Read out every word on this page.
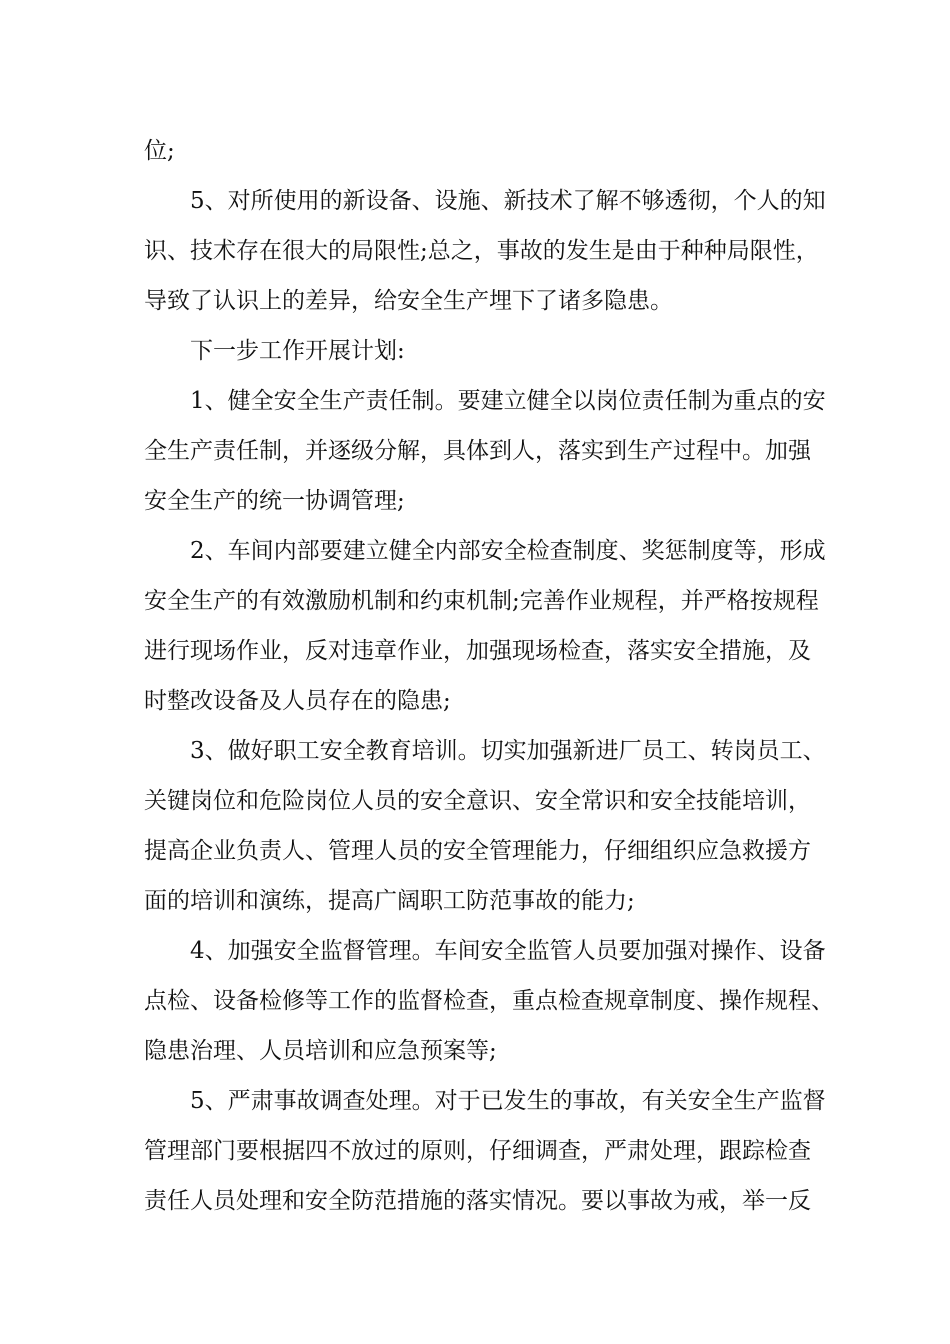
位;
5、对所使用的新设备、设施、新技术了解不够透彻，个人的知
识、技术存在很大的局限性;总之，事故的发生是由于种种局限性，
导致了认识上的差异，给安全生产埋下了诸多隐患。
下一步工作开展计划:
1、健全安全生产责任制。要建立健全以岗位责任制为重点的安
全生产责任制，并逐级分解，具体到人，落实到生产过程中。加强
安全生产的统一协调管理;
2、车间内部要建立健全内部安全检查制度、奖惩制度等，形成
安全生产的有效激励机制和约束机制;完善作业规程，并严格按规程
进行现场作业，反对违章作业，加强现场检查，落实安全措施，及
时整改设备及人员存在的隐患;
3、做好职工安全教育培训。切实加强新进厂员工、转岗员工、
关键岗位和危险岗位人员的安全意识、安全常识和安全技能培训，
提高企业负责人、管理人员的安全管理能力，仔细组织应急救援方
面的培训和演练，提高广阔职工防范事故的能力;
4、加强安全监督管理。车间安全监管人员要加强对操作、设备
点检、设备检修等工作的监督检查，重点检查规章制度、操作规程、
隐患治理、人员培训和应急预案等;
5、严肃事故调查处理。对于已发生的事故，有关安全生产监督
管理部门要根据四不放过的原则，仔细调查，严肃处理，跟踪检查
责任人员处理和安全防范措施的落实情况。要以事故为戒，举一反
